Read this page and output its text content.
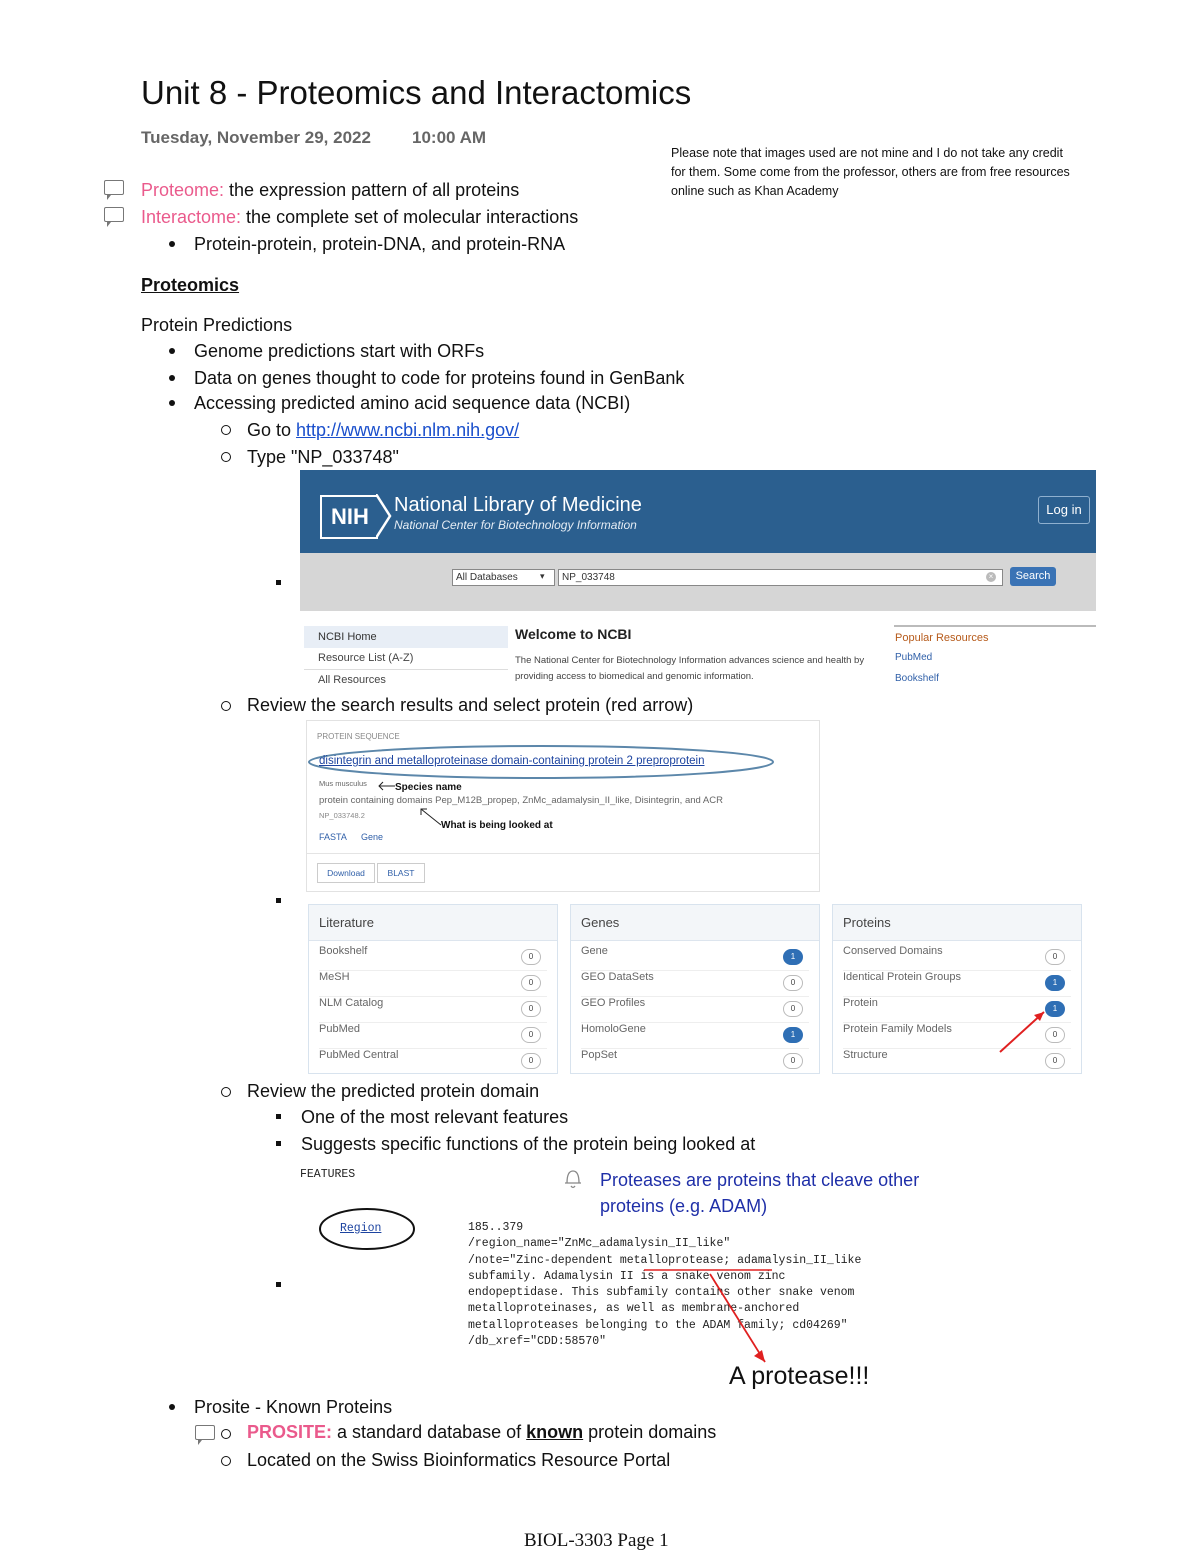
Unit 8 - Proteomics and Interactomics
Tuesday, November 29, 2022 10:00 AM
Please note that images used are not mine and I do not take any credit for them. Some come from the professor, others are from free resources online such as Khan Academy
Proteome: the expression pattern of all proteins
Interactome: the complete set of molecular interactions
Protein-protein, protein-DNA, and protein-RNA
Proteomics
Protein Predictions
Genome predictions start with ORFs
Data on genes thought to code for proteins found in GenBank
Accessing predicted amino acid sequence data (NCBI)
Go to http://www.ncbi.nlm.nih.gov/
Type "NP_033748"
NIH	National Library of Medicine
National Center for Biotechnology Information
Log in
All Databases	▾	NP_033748	×	Search
NCBI Home
Resource List (A-Z)
All Resources
Welcome to NCBI
The National Center for Biotechnology Information advances science and health by providing access to biomedical and genomic information.
Popular Resources
PubMed
Bookshelf
Review the search results and select protein (red arrow)
PROTEIN SEQUENCE
disintegrin and metalloproteinase domain-containing protein 2 preproprotein
Mus musculus	Species name
protein containing domains Pep_M12B_propep, ZnMc_adamalysin_II_like, Disintegrin, and ACR
NP_033748.2
What is being looked at
FASTA Gene
Download	BLAST
Literature
Bookshelf	0
MeSH	0
NLM Catalog	0
PubMed	0
PubMed Central	0
Genes
Gene	1
GEO DataSets	0
GEO Profiles	0
HomoloGene	1
PopSet	0
Proteins
Conserved Domains	0
Identical Protein Groups	1
Protein	1
Protein Family Models	0
Structure	0
Review the predicted protein domain
One of the most relevant features
Suggests specific functions of the protein being looked at
FEATURES	Proteases are proteins that cleave other proteins (e.g. ADAM)
Region	185..379
/region_name="ZnMc_adamalysin_II_like"
/note="Zinc-dependent metalloprotease; adamalysin_II_like
subfamily. Adamalysin II is a snake venom zinc
endopeptidase. This subfamily contains other snake venom
metalloproteinases, as well as membrane-anchored
metalloproteases belonging to the ADAM family; cd04269"
/db_xref="CDD:58570"
A protease!!!
Prosite - Known Proteins
PROSITE: a standard database of known protein domains
Located on the Swiss Bioinformatics Resource Portal
BIOL-3303 Page 1
